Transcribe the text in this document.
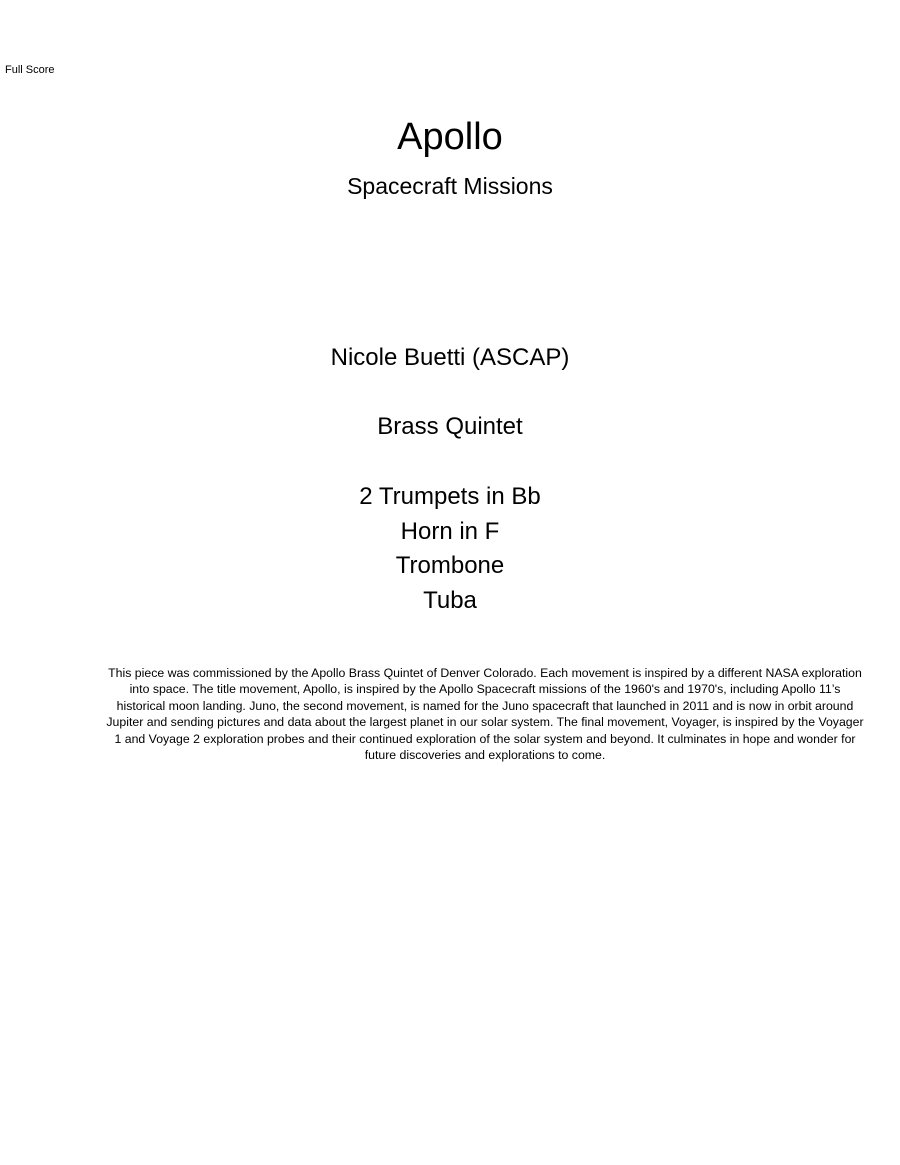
Full Score
Apollo
Spacecraft Missions
Nicole Buetti (ASCAP)
Brass Quintet
2 Trumpets in Bb
Horn in F
Trombone
Tuba

This piece was commissioned by the Apollo Brass Quintet of Denver Colorado. Each movement is inspired by a different NASA exploration into space. The title movement, Apollo, is inspired by the Apollo Spacecraft missions of the 1960's and 1970's, including Apollo 11’s historical moon landing. Juno, the second movement, is named for the Juno spacecraft that launched in 2011 and is now in orbit around Jupiter and sending pictures and data about the largest planet in our solar system. The final movement, Voyager, is inspired by the Voyager 1 and Voyage 2 exploration probes and their continued exploration of the solar system and beyond. It culminates in hope and wonder for future discoveries and explorations to come.
